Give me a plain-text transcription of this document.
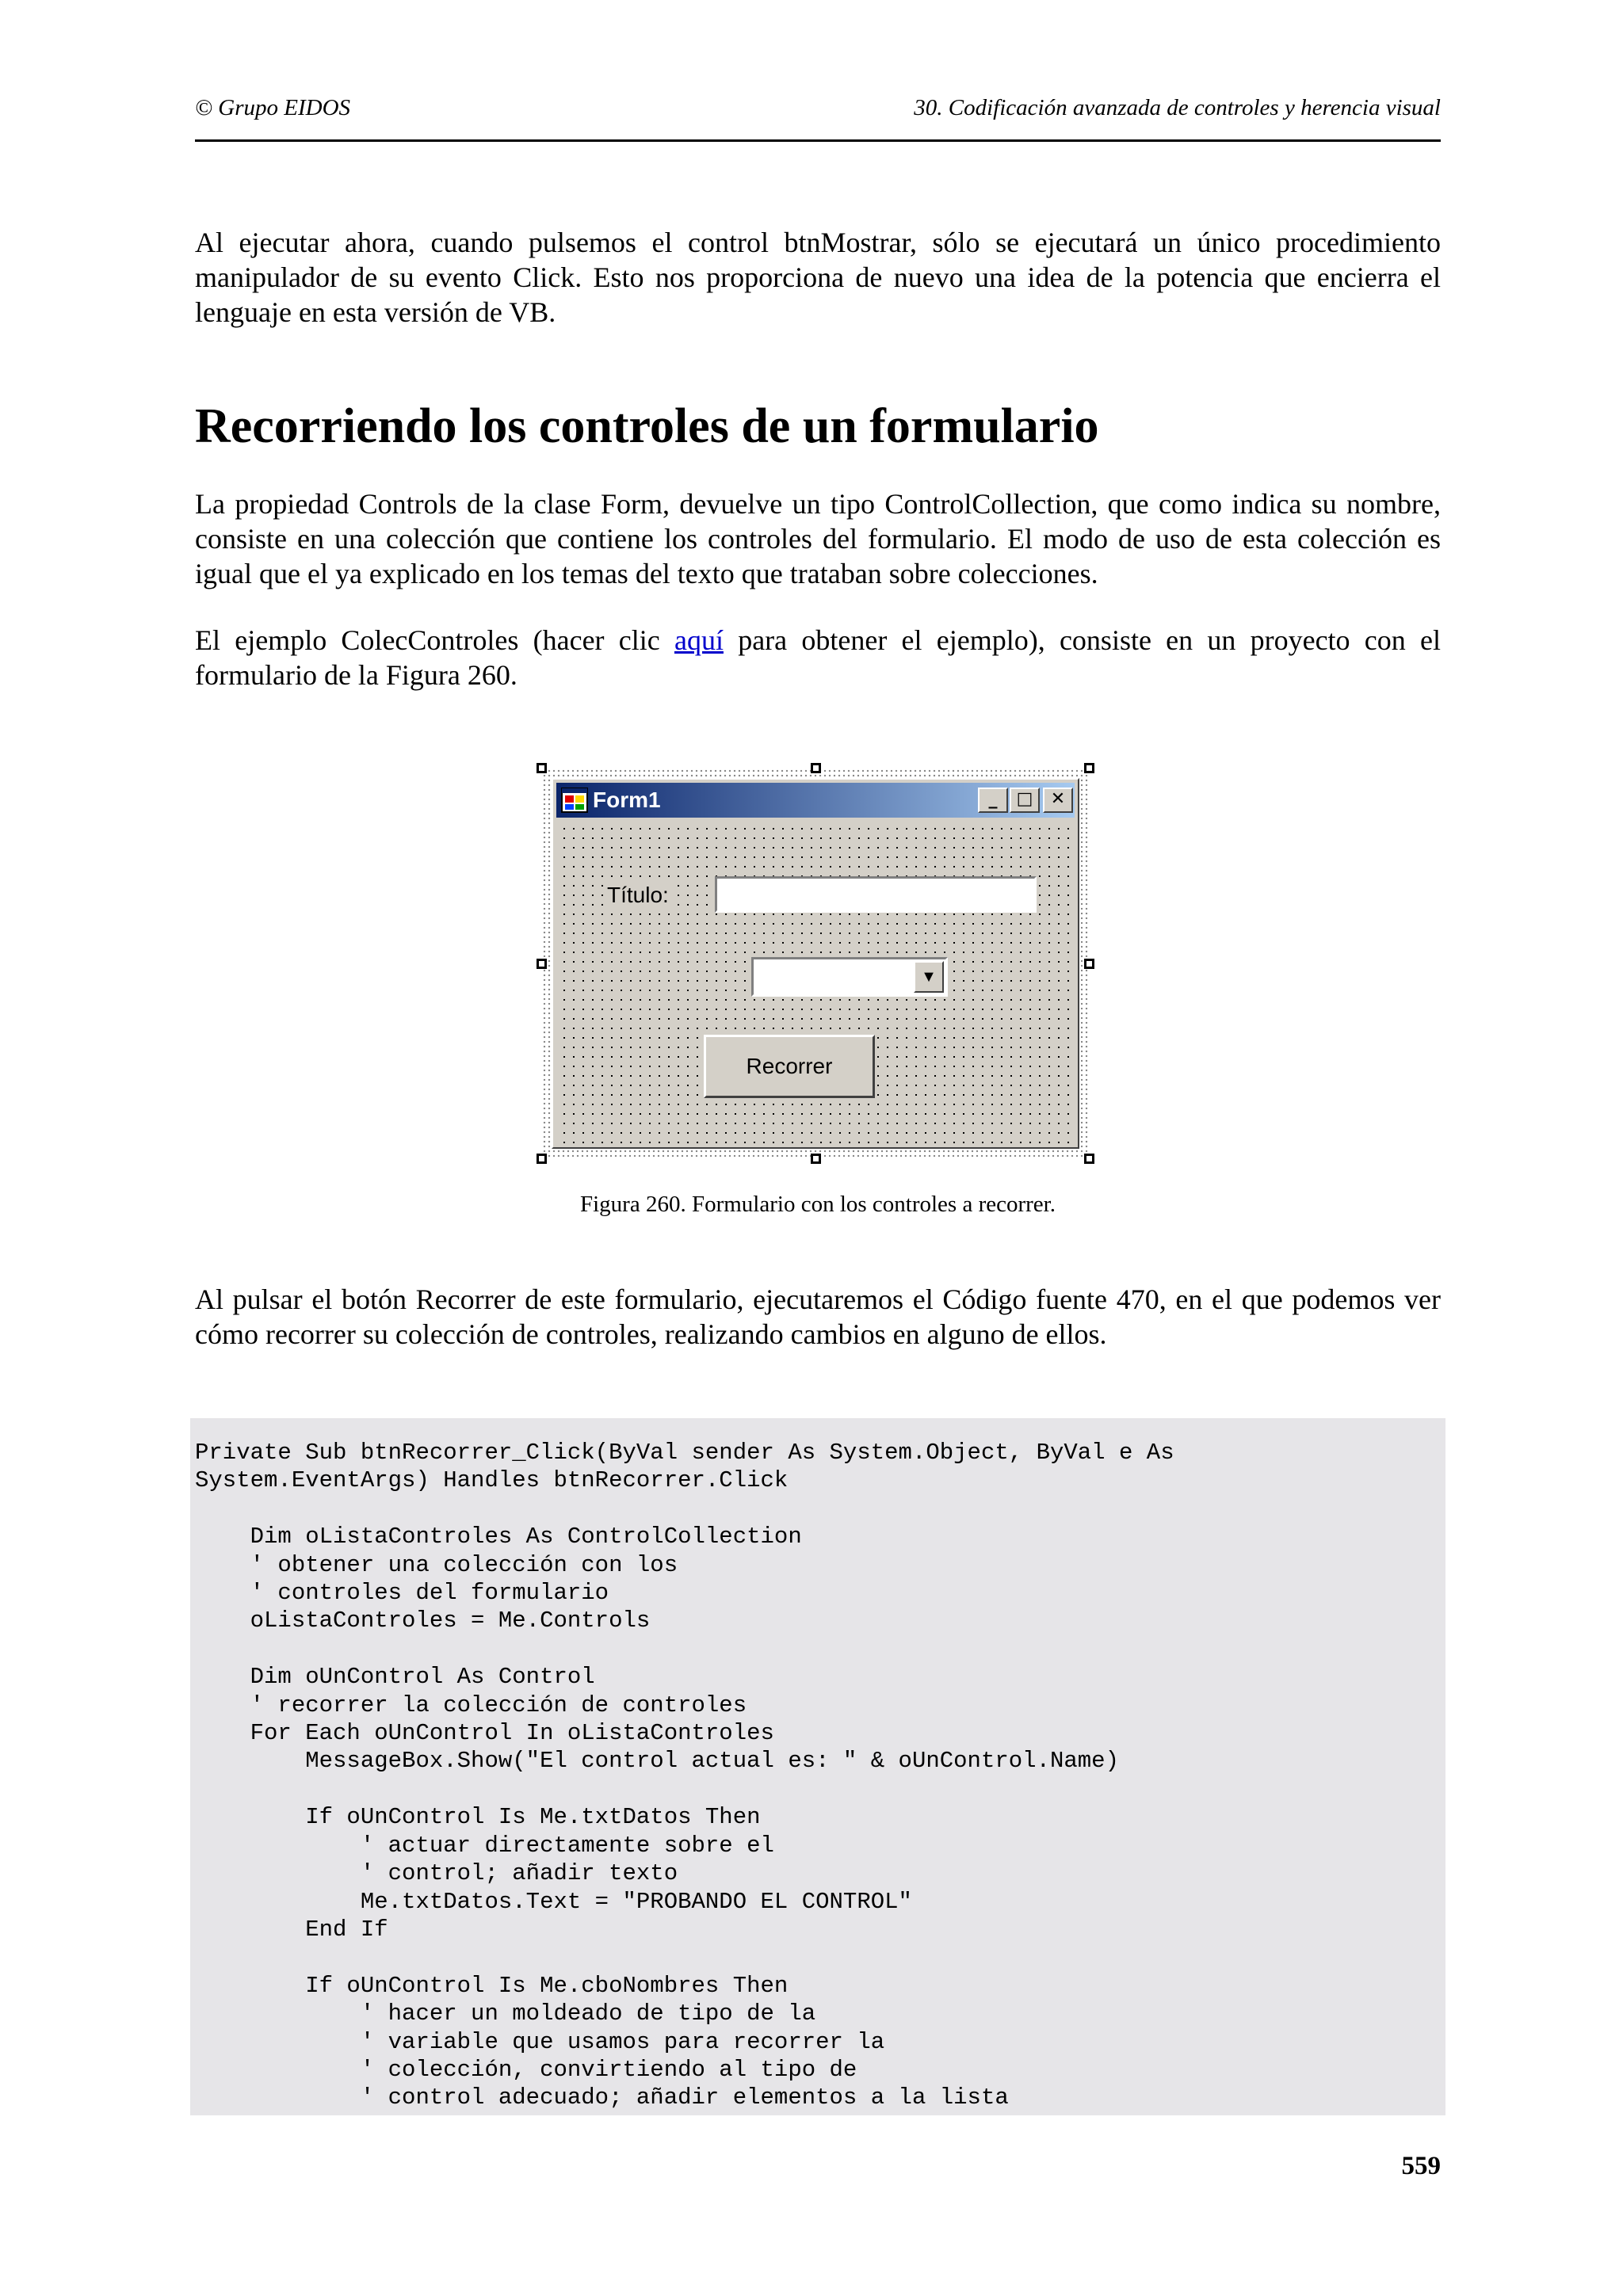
© Grupo EIDOS	30. Codificación avanzada de controles y herencia visual

Al ejecutar ahora, cuando pulsemos el control btnMostrar, sólo se ejecutará un único procedimiento manipulador de su evento Click. Esto nos proporciona de nuevo una idea de la potencia que encierra el lenguaje en esta versión de VB.

Recorriendo los controles de un formulario

La propiedad Controls de la clase Form, devuelve un tipo ControlCollection, que como indica su nombre, consiste en una colección que contiene los controles del formulario. El modo de uso de esta colección es igual que el ya explicado en los temas del texto que trataban sobre colecciones.

El ejemplo ColecControles (hacer clic aquí para obtener el ejemplo), consiste en un proyecto con el formulario de la Figura 260.

Form1	_	□	✕
Título:
▼
Recorrer
Figura 260. Formulario con los controles a recorrer.

Al pulsar el botón Recorrer de este formulario, ejecutaremos el Código fuente 470, en el que podemos ver cómo recorrer su colección de controles, realizando cambios en alguno de ellos.

Private Sub btnRecorrer_Click(ByVal sender As System.Object, ByVal e As
System.EventArgs) Handles btnRecorrer.Click

Dim oListaControles As ControlCollection
' obtener una colección con los
' controles del formulario
oListaControles = Me.Controls

Dim oUnControl As Control
' recorrer la colección de controles
For Each oUnControl In oListaControles
MessageBox.Show("El control actual es: " & oUnControl.Name)

If oUnControl Is Me.txtDatos Then
' actuar directamente sobre el
' control; añadir texto
Me.txtDatos.Text = "PROBANDO EL CONTROL"
End If

If oUnControl Is Me.cboNombres Then
' hacer un moldeado de tipo de la
' variable que usamos para recorrer la
' colección, convirtiendo al tipo de
' control adecuado; añadir elementos a la lista
559
